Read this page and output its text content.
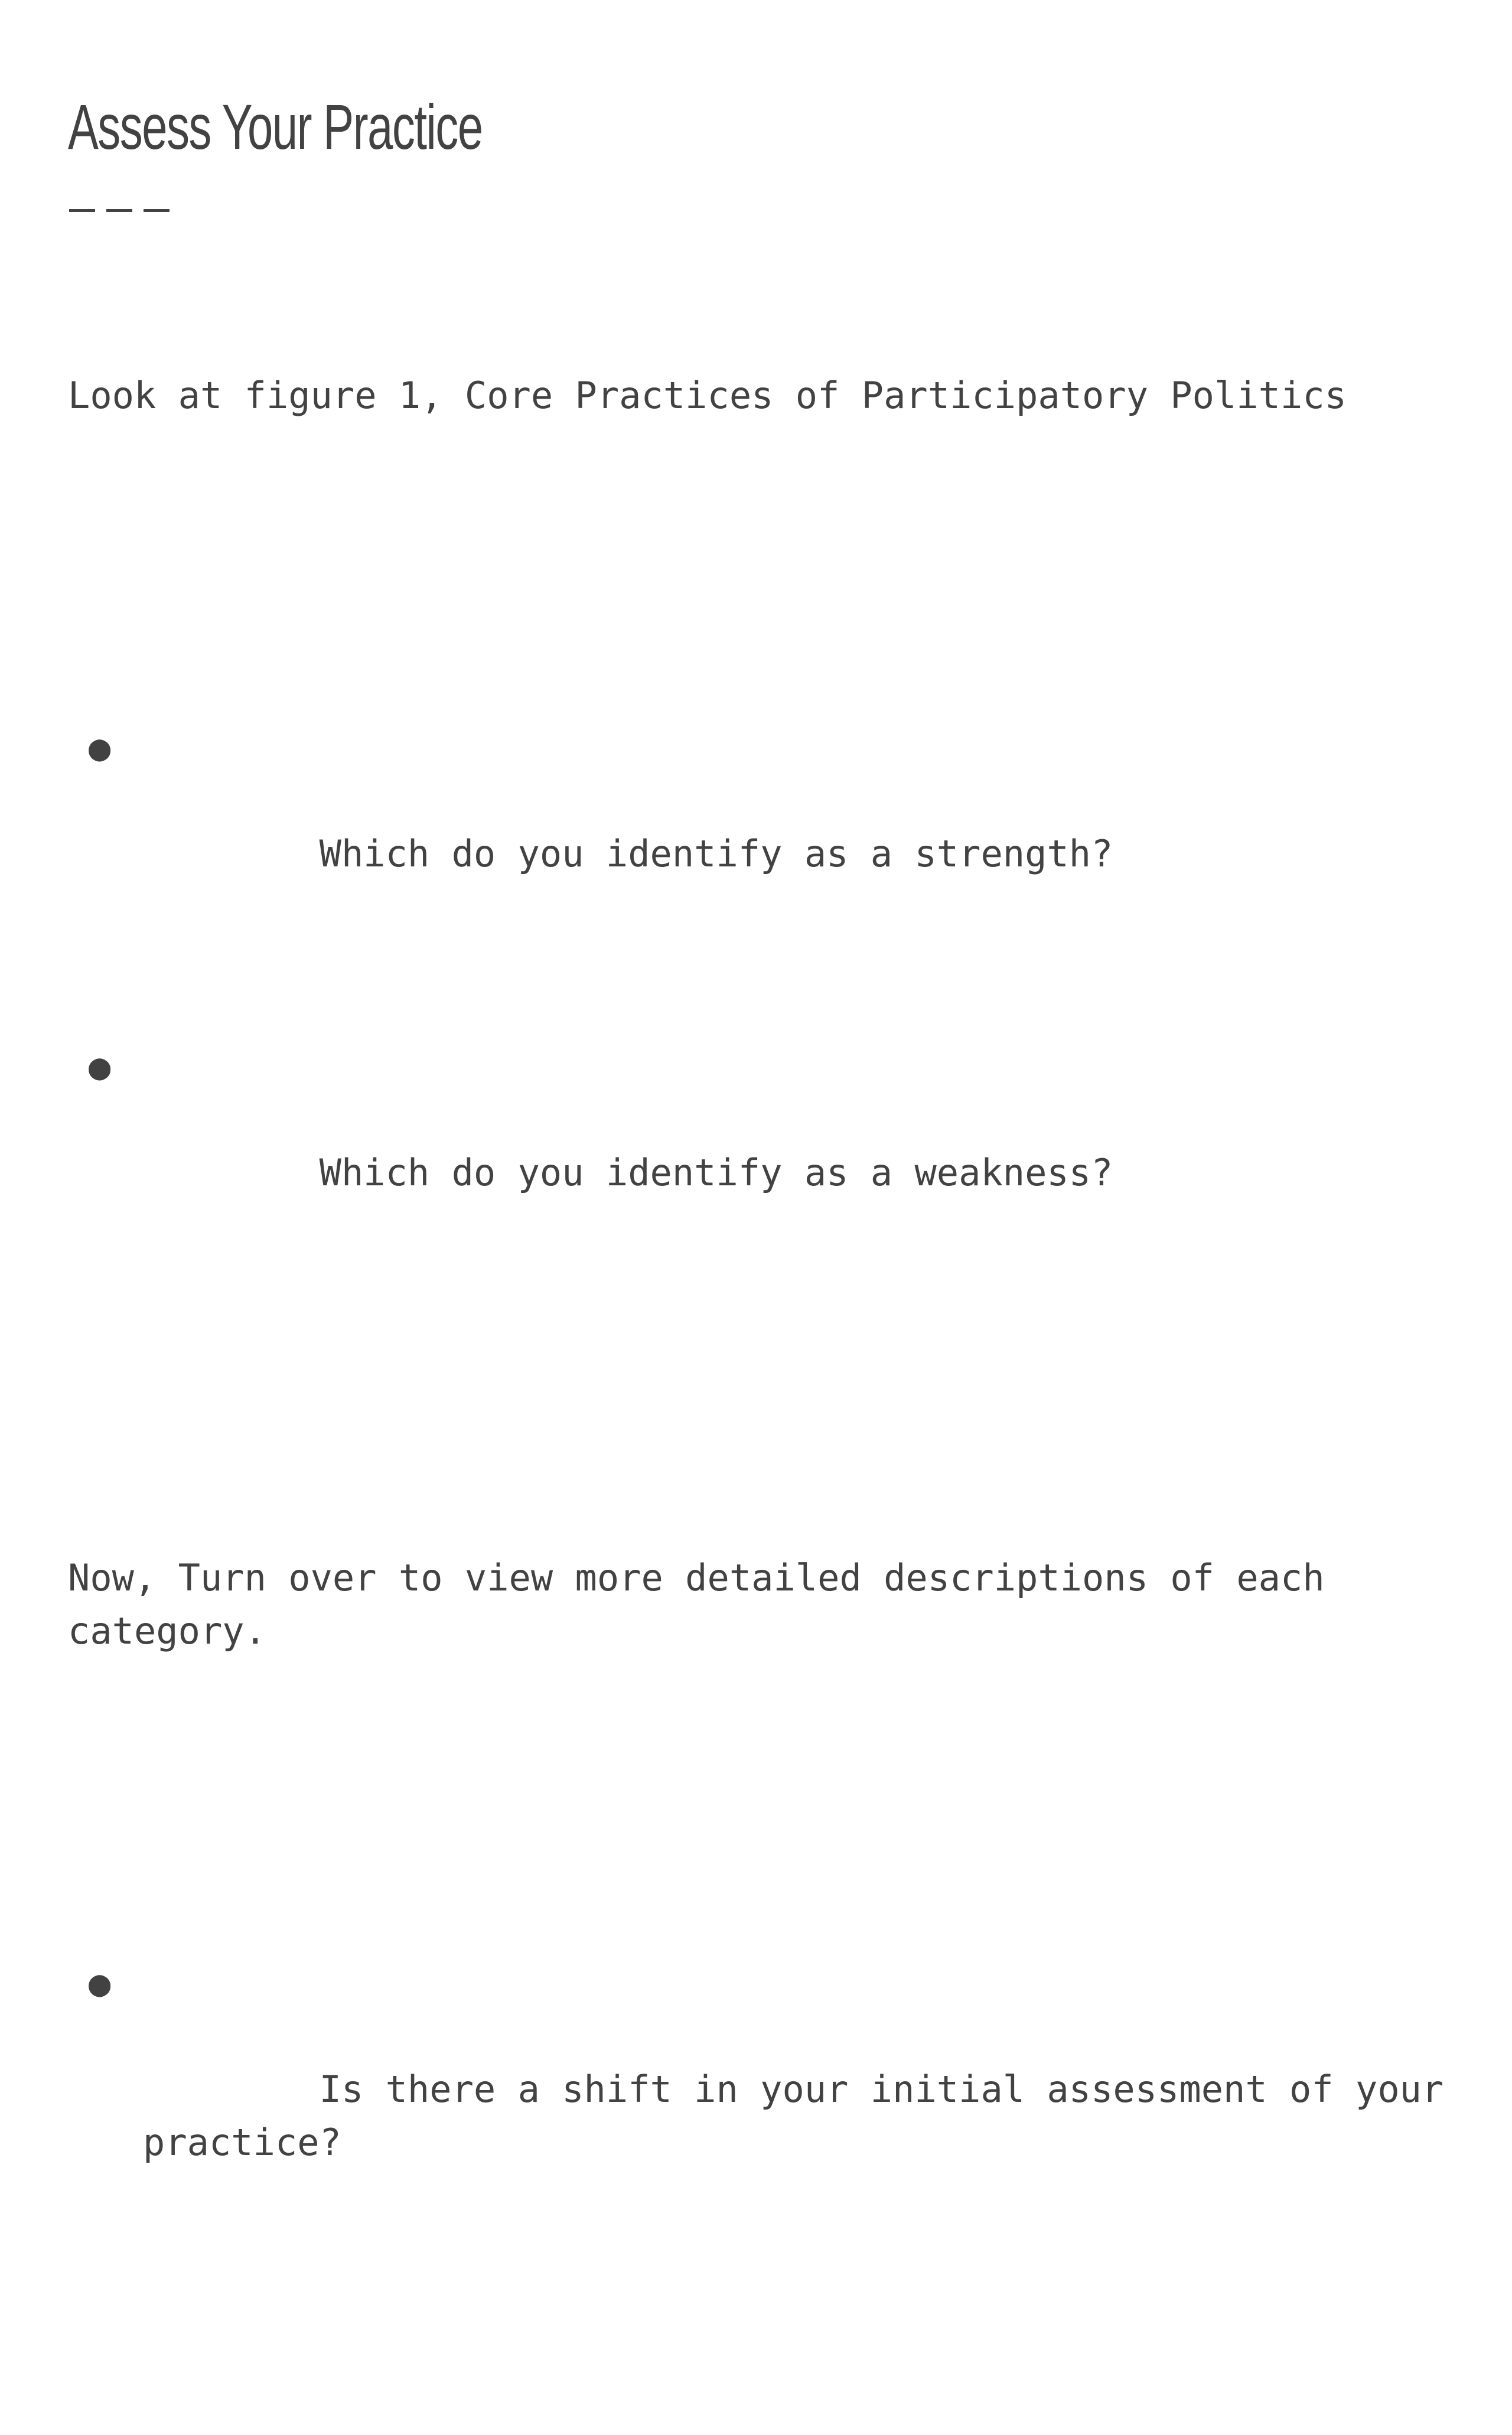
Assess Your Practice

Look at figure 1, Core Practices of Participatory Politics

●

Which do you identify as a strength?

●

Which do you identify as a weakness?

Now, Turn over to view more detailed descriptions of each category.

●

Is there a shift in your initial assessment of your practice?
